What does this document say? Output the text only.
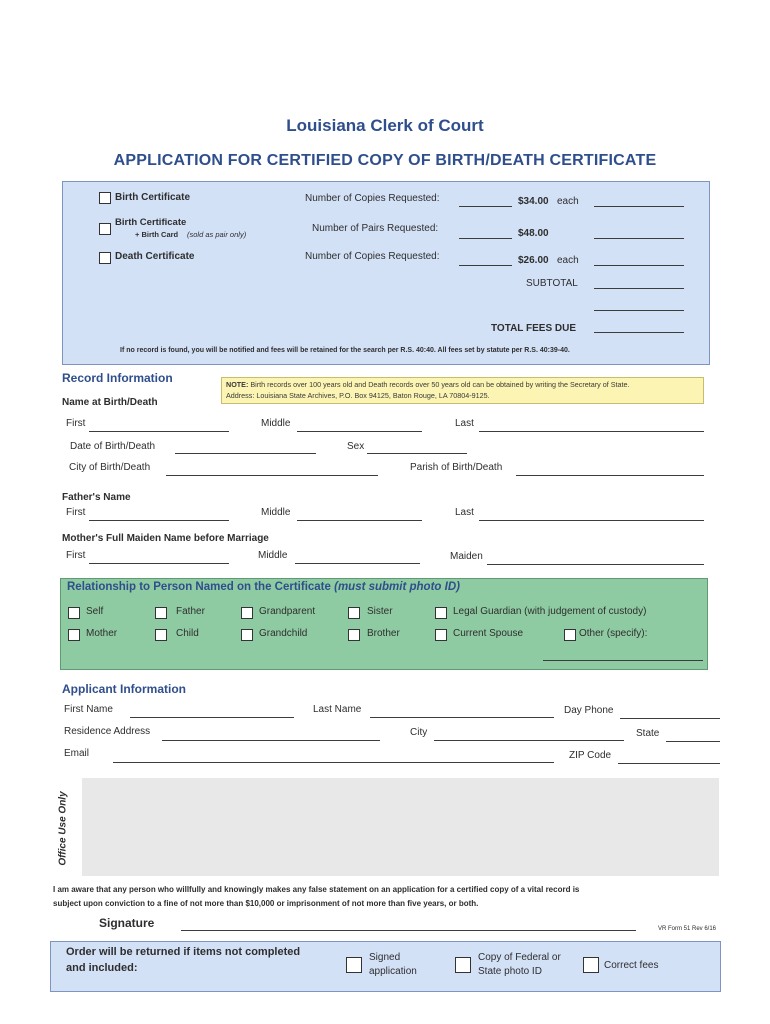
Louisiana Clerk of Court
APPLICATION FOR CERTIFIED COPY OF BIRTH/DEATH CERTIFICATE
Birth Certificate	Number of Copies Requested:	$34.00 each
Birth Certificate
+ Birth Card (sold as pair only)
Number of Pairs Requested:	$48.00
Death Certificate	Number of Copies Requested:	$26.00 each
SUBTOTAL
TOTAL FEES DUE
If no record is found, you will be notified and fees will be retained for the search per R.S. 40:40. All fees set by statute per R.S. 40:39-40.
Record Information	NOTE: Birth records over 100 years old and Death records over 50 years old can be obtained by writing the Secretary of State.
Address: Louisiana State Archives, P.O. Box 94125, Baton Rouge, LA 70804-9125.
Name at Birth/Death
First	Middle	Last
Date of Birth/Death	Sex
City of Birth/Death	Parish of Birth/Death
Father's Name
First	Middle	Last
Mother's Full Maiden Name before Marriage
First	Middle	Maiden
Relationship to Person Named on the Certificate (must submit photo ID)
Self	Father	Grandparent	Sister	Legal Guardian (with judgement of custody)
Mother	Child	Grandchild	Brother	Current Spouse	Other (specify):
Applicant Information
First Name	Last Name	Day Phone
Residence Address	City	State
Email	ZIP Code
Office Use Only
I am aware that any person who willfully and knowingly makes any false statement on an application for a certified copy of a vital record is
subject upon conviction to a fine of not more than $10,000 or imprisonment of not more than five years, or both.
Signature	VR Form 51 Rev 6/16
Order will be returned if items not completed
and included:
Signed
application
Copy of Federal or
State photo ID
Correct fees
